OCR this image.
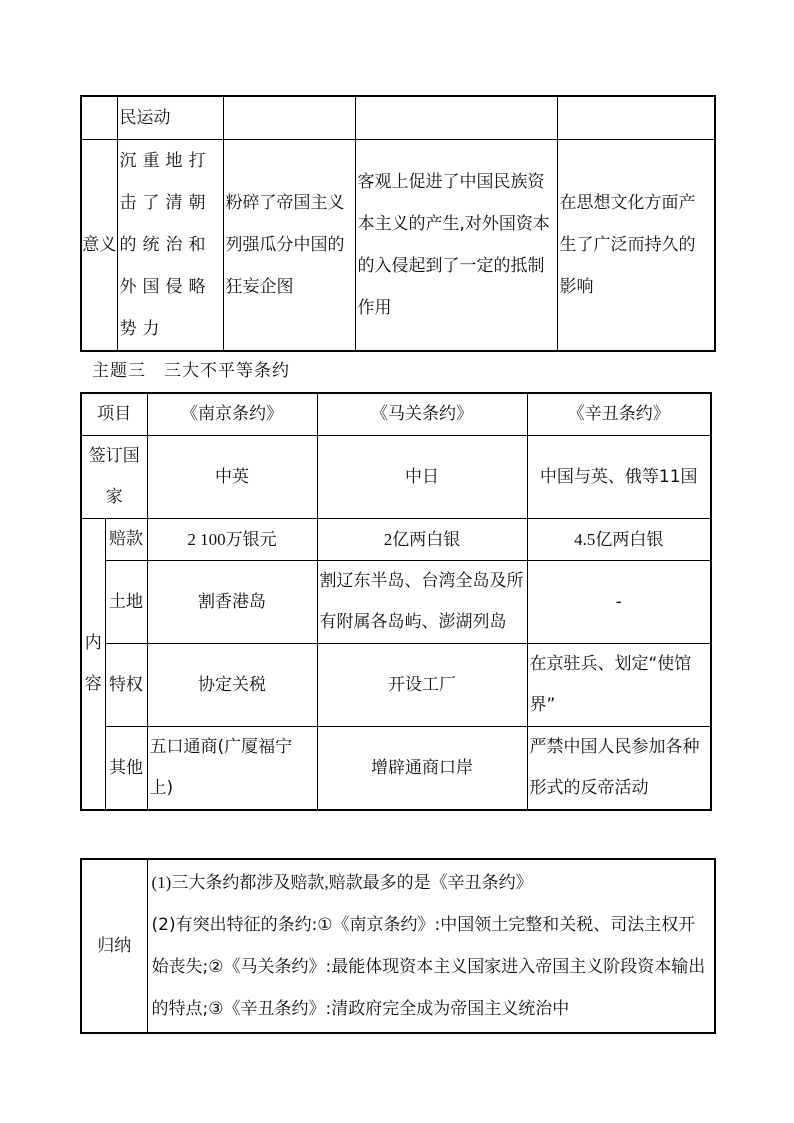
	民运动			
意义	沉重地打击了清朝的统治和外国侵略势力	粉碎了帝国主义列强瓜分中国的狂妄企图	客观上促进了中国民族资本主义的产生,对外国资本的入侵起到了一定的抵制作用	在思想文化方面产生了广泛而持久的影响
主题三　三大不平等条约
项目		《南京条约》	《马关条约》	《辛丑条约》
签订国家		中英	中日	中国与英、俄等11国
内容	赔款	2 100万银元	2亿两白银	4.5亿两白银
	土地	割香港岛	割辽东半岛、台湾全岛及所有附属各岛屿、澎湖列岛	-
	特权	协定关税	开设工厂	在京驻兵、划定“使馆界”
	其他	五口通商(广厦福宁上)	增辟通商口岸	严禁中国人民参加各种形式的反帝活动
归纳	
(1)三大条约都涉及赔款,赔款最多的是《辛丑条约》
(2)有突出特征的条约:①《南京条约》:中国领土完整和关税、司法主权开始丧失;②《马关条约》:最能体现资本主义国家进入帝国主义阶段资本输出的特点;③《辛丑条约》:清政府完全成为帝国主义统治中
